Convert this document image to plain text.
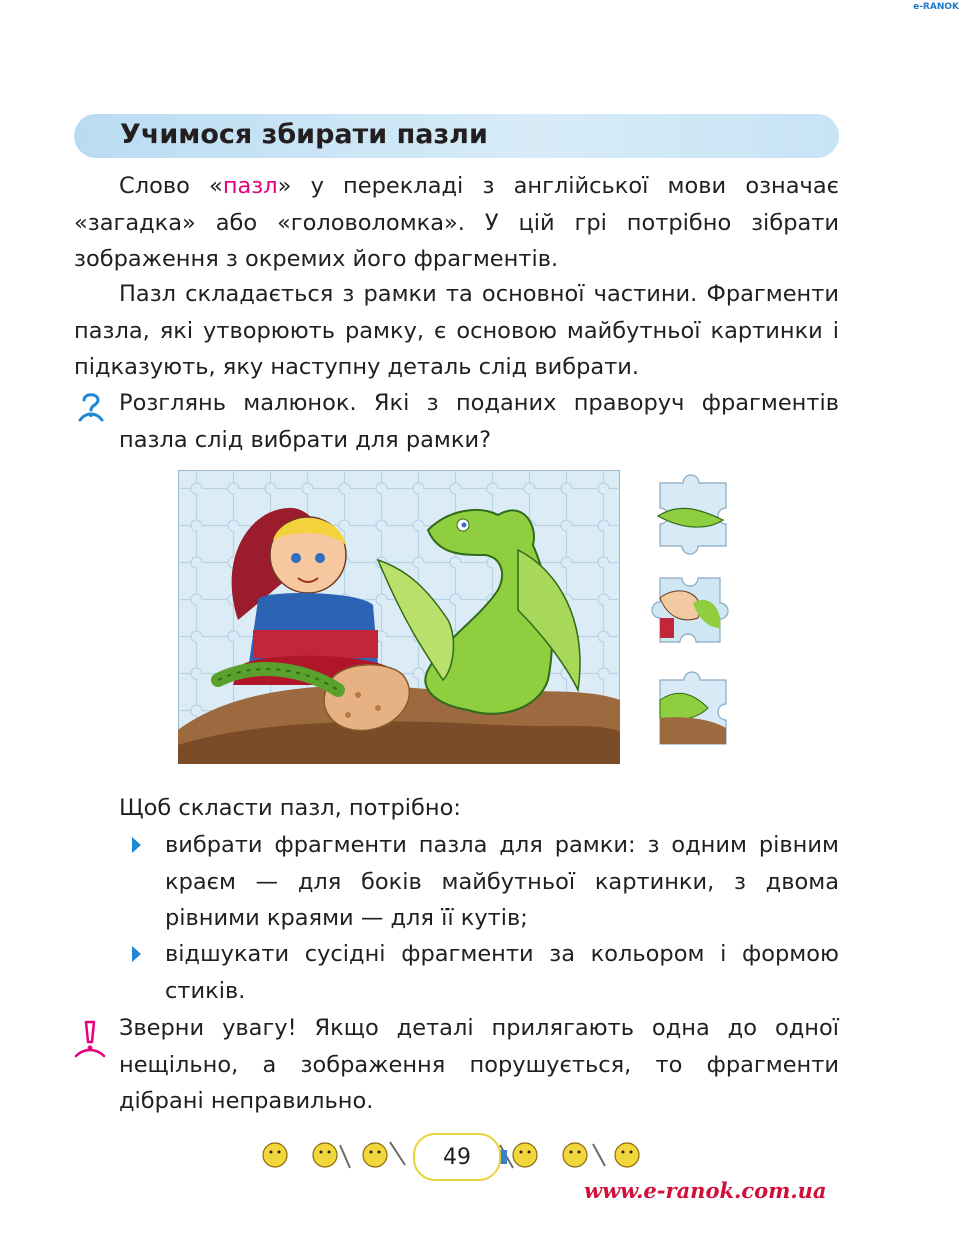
e-RANOK
Учимося збирати пазли

Слово «пазл» у перекладі з англійської мови означає «загадка» або «головоломка». У цій грі потрібно зібрати зображення з окремих його фрагментів.

Пазл складається з рамки та основної частини. Фрагменти пазла, які утворюють рамку, є основою майбутньої картинки і підказують, яку наступну деталь слід вибрати.

Розглянь малюнок. Які з поданих праворуч фрагментів пазла слід вибрати для рамки?
Щоб скласти пазл, потрібно:
вибрати фрагменти пазла для рамки: з одним рівним краєм — для боків майбутньої картинки, з двома рівними краями — для її кутів;
відшукати сусідні фрагменти за кольором і формою стиків.
Зверни увагу! Якщо деталі прилягають одна до одної нещільно, а зображення порушується, то фрагменти дібрані неправильно.
49
www.e-ranok.com.ua
